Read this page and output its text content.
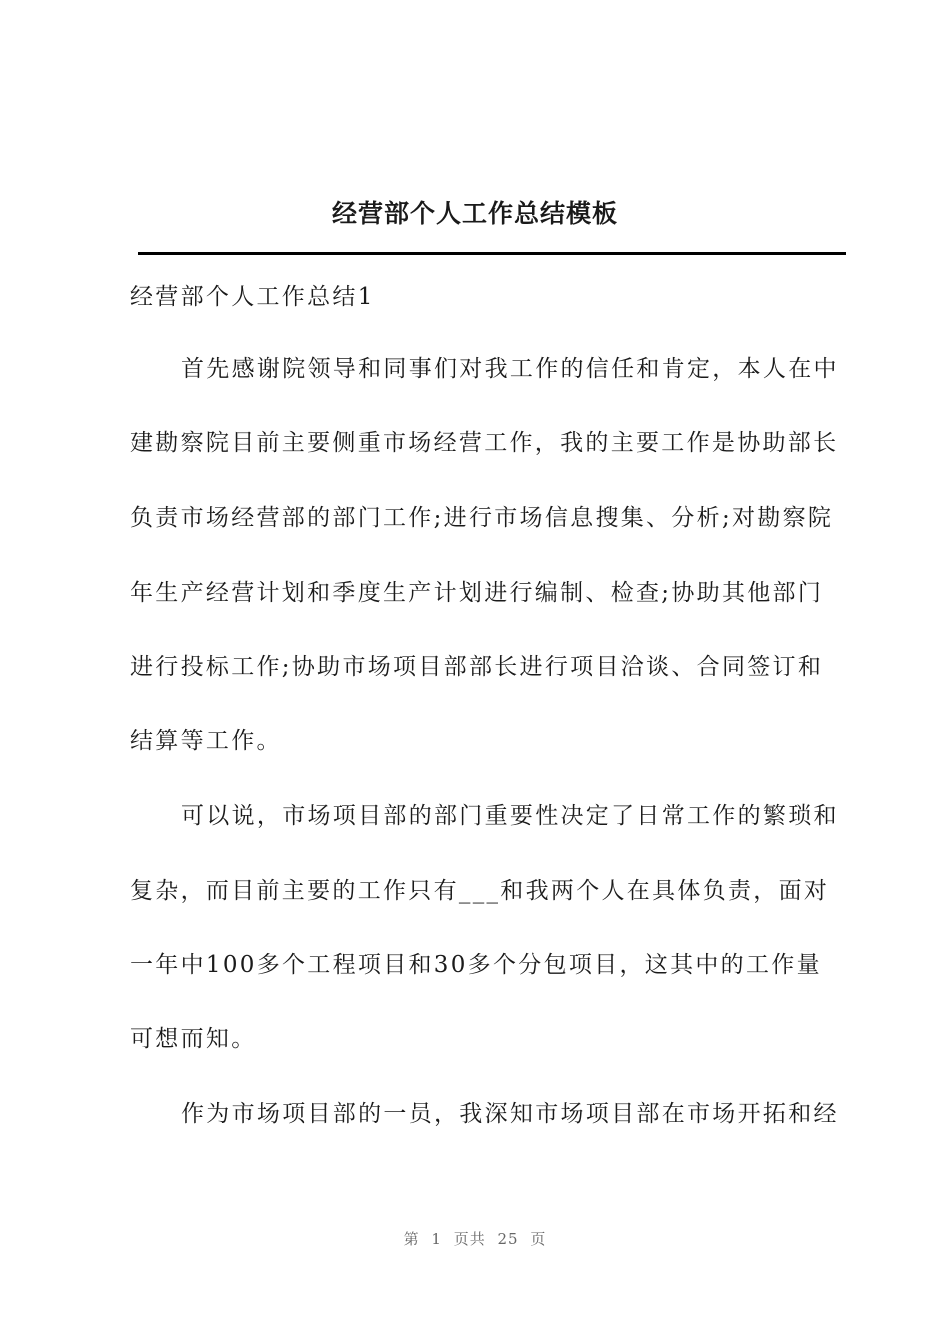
经营部个人工作总结模板
经营部个人工作总结1
首先感谢院领导和同事们对我工作的信任和肯定，本人在中
建勘察院目前主要侧重市场经营工作，我的主要工作是协助部长
负责市场经营部的部门工作;进行市场信息搜集、分析;对勘察院
年生产经营计划和季度生产计划进行编制、检查;协助其他部门
进行投标工作;协助市场项目部部长进行项目洽谈、合同签订和
结算等工作。
可以说，市场项目部的部门重要性决定了日常工作的繁琐和
复杂，而目前主要的工作只有___和我两个人在具体负责，面对
一年中100多个工程项目和30多个分包项目，这其中的工作量
可想而知。
作为市场项目部的一员，我深知市场项目部在市场开拓和经
第 1 页共 25 页
